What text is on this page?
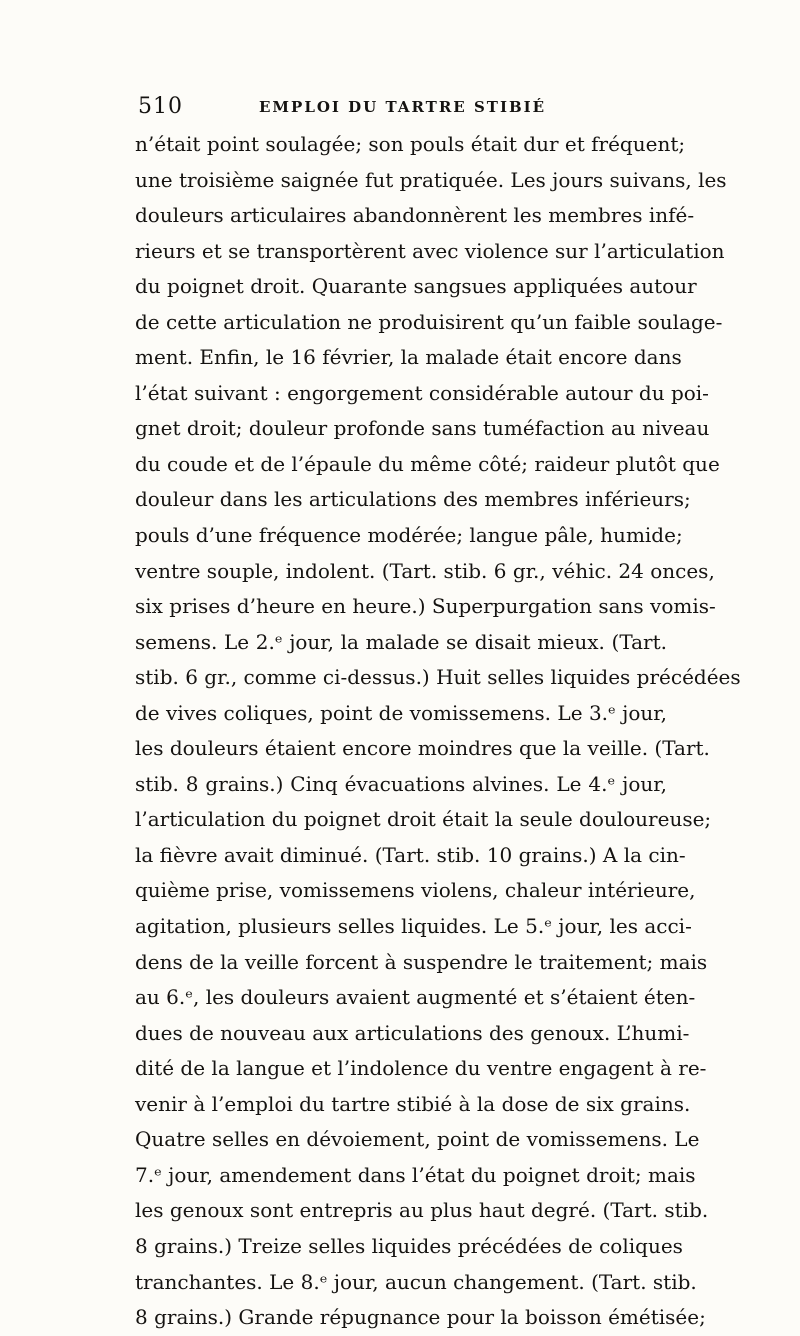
510	EMPLOI DU TARTRE STIBIÉ
n’était point soulagée; son pouls était dur et fréquent;
une troisième saignée fut pratiquée. Les jours suivans, les
douleurs articulaires abandonnèrent les membres infé-
rieurs et se transportèrent avec violence sur l’articulation
du poignet droit. Quarante sangsues appliquées autour
de cette articulation ne produisirent qu’un faible soulage-
ment. Enfin, le 16 février, la malade était encore dans
l’état suivant : engorgement considérable autour du poi-
gnet droit; douleur profonde sans tuméfaction au niveau
du coude et de l’épaule du même côté; raideur plutôt que
douleur dans les articulations des membres inférieurs;
pouls d’une fréquence modérée; langue pâle, humide;
ventre souple, indolent. (Tart. stib. 6 gr., véhic. 24 onces,
six prises d’heure en heure.) Superpurgation sans vomis-
semens. Le 2.ᵉ jour, la malade se disait mieux. (Tart.
stib. 6 gr., comme ci-dessus.) Huit selles liquides précédées
de vives coliques, point de vomissemens. Le 3.ᵉ jour,
les douleurs étaient encore moindres que la veille. (Tart.
stib. 8 grains.) Cinq évacuations alvines. Le 4.ᵉ jour,
l’articulation du poignet droit était la seule douloureuse;
la fièvre avait diminué. (Tart. stib. 10 grains.) A la cin-
quième prise, vomissemens violens, chaleur intérieure,
agitation, plusieurs selles liquides. Le 5.ᵉ jour, les acci-
dens de la veille forcent à suspendre le traitement; mais
au 6.ᵉ, les douleurs avaient augmenté et s’étaient éten-
dues de nouveau aux articulations des genoux. L’humi-
dité de la langue et l’indolence du ventre engagent à re-
venir à l’emploi du tartre stibié à la dose de six grains.
Quatre selles en dévoiement, point de vomissemens. Le
7.ᵉ jour, amendement dans l’état du poignet droit; mais
les genoux sont entrepris au plus haut degré. (Tart. stib.
8 grains.) Treize selles liquides précédées de coliques
tranchantes. Le 8.ᵉ jour, aucun changement. (Tart. stib.
8 grains.) Grande répugnance pour la boisson émétisée;
